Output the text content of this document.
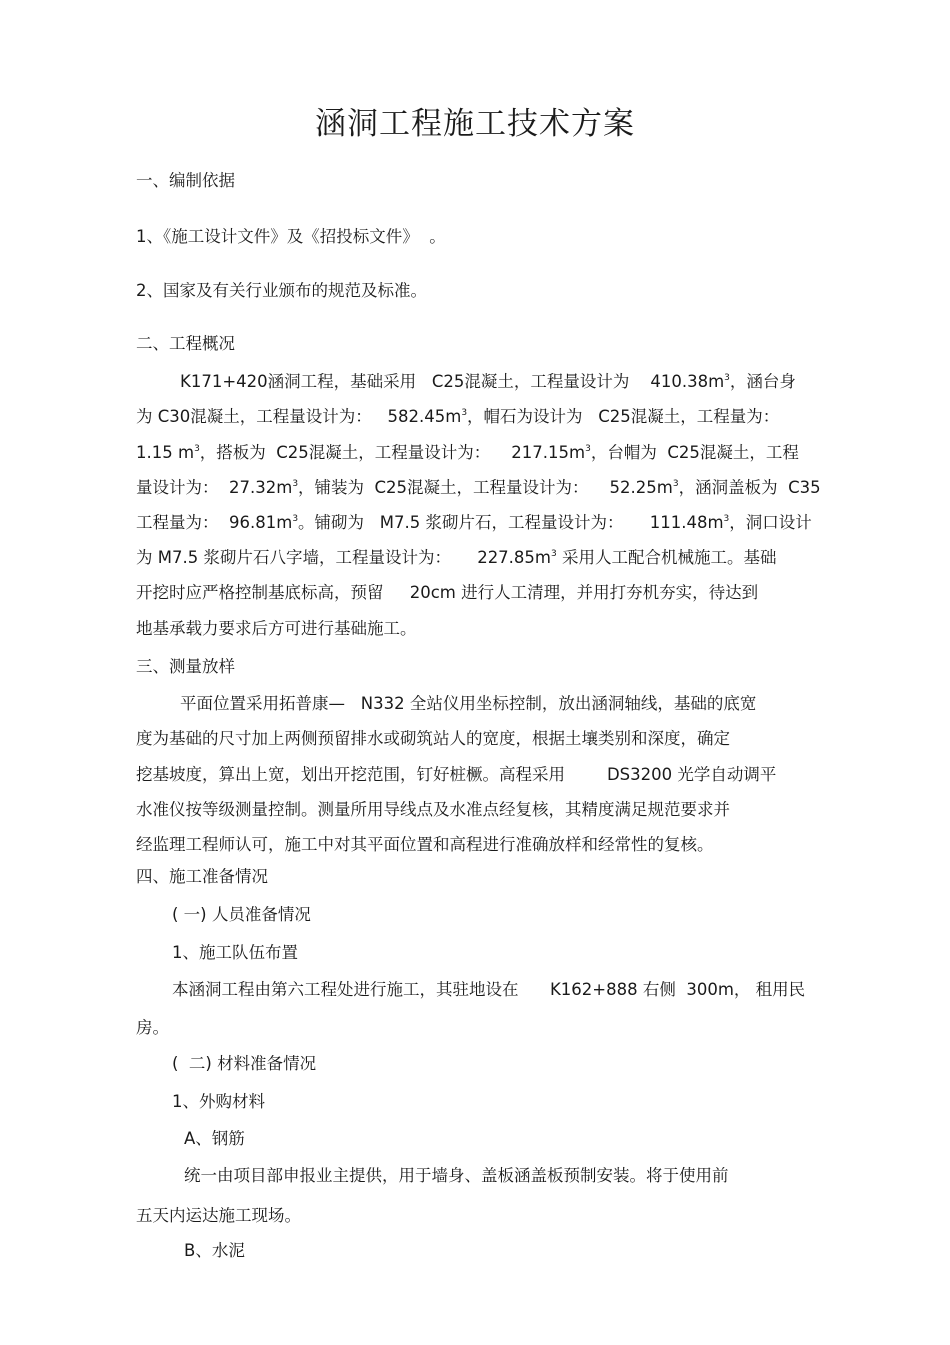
涵洞工程施工技术方案
一、编制依据
1、《施工设计文件》及《招投标文件》  。
2、国家及有关行业颁布的规范及标准。
二、工程概况
K171+420涵洞工程，基础采用   C25混凝土，工程量设计为    $410.38m^3$，涵台身
为 C30混凝土，工程量设计为：   $582.45m^3$，帽石为设计为   C25混凝土，工程量为：
1.15 $m^3$，搭板为  C25混凝土，工程量设计为：    $217.15m^3$，台帽为  C25混凝土，工程
量设计为：  $27.32m^3$，铺装为  C25混凝土，工程量设计为：    $52.25m^3$，涵洞盖板为  C35
工程量为：  $96.81m^3$。铺砌为   M7.5 浆砌片石，工程量设计为：     $111.48m^3$，洞口设计
为 M7.5 浆砌片石八字墙，工程量设计为：     $227.85m^3$ 采用人工配合机械施工。基础
开挖时应严格控制基底标高，预留     20cm 进行人工清理，并用打夯机夯实，待达到
地基承载力要求后方可进行基础施工。
三、测量放样
平面位置采用拓普康—   N332 全站仪用坐标控制，放出涵洞轴线，基础的底宽
度为基础的尺寸加上两侧预留排水或砌筑站人的宽度，根据土壤类别和深度，确定
挖基坡度，算出上宽，划出开挖范围，钉好桩橛。高程采用        DS3200 光学自动调平
水准仪按等级测量控制。测量所用导线点及水准点经复核，其精度满足规范要求并
经监理工程师认可，施工中对其平面位置和高程进行准确放样和经常性的复核。
四、施工准备情况
( 一) 人员准备情况
1、施工队伍布置
本涵洞工程由第六工程处进行施工，其驻地设在      K162+888 右侧  300m， 租用民
房。
(  二) 材料准备情况
1、外购材料
A、钢筋
统一由项目部申报业主提供，用于墙身、盖板涵盖板预制安装。将于使用前
五天内运达施工现场。
B、水泥
